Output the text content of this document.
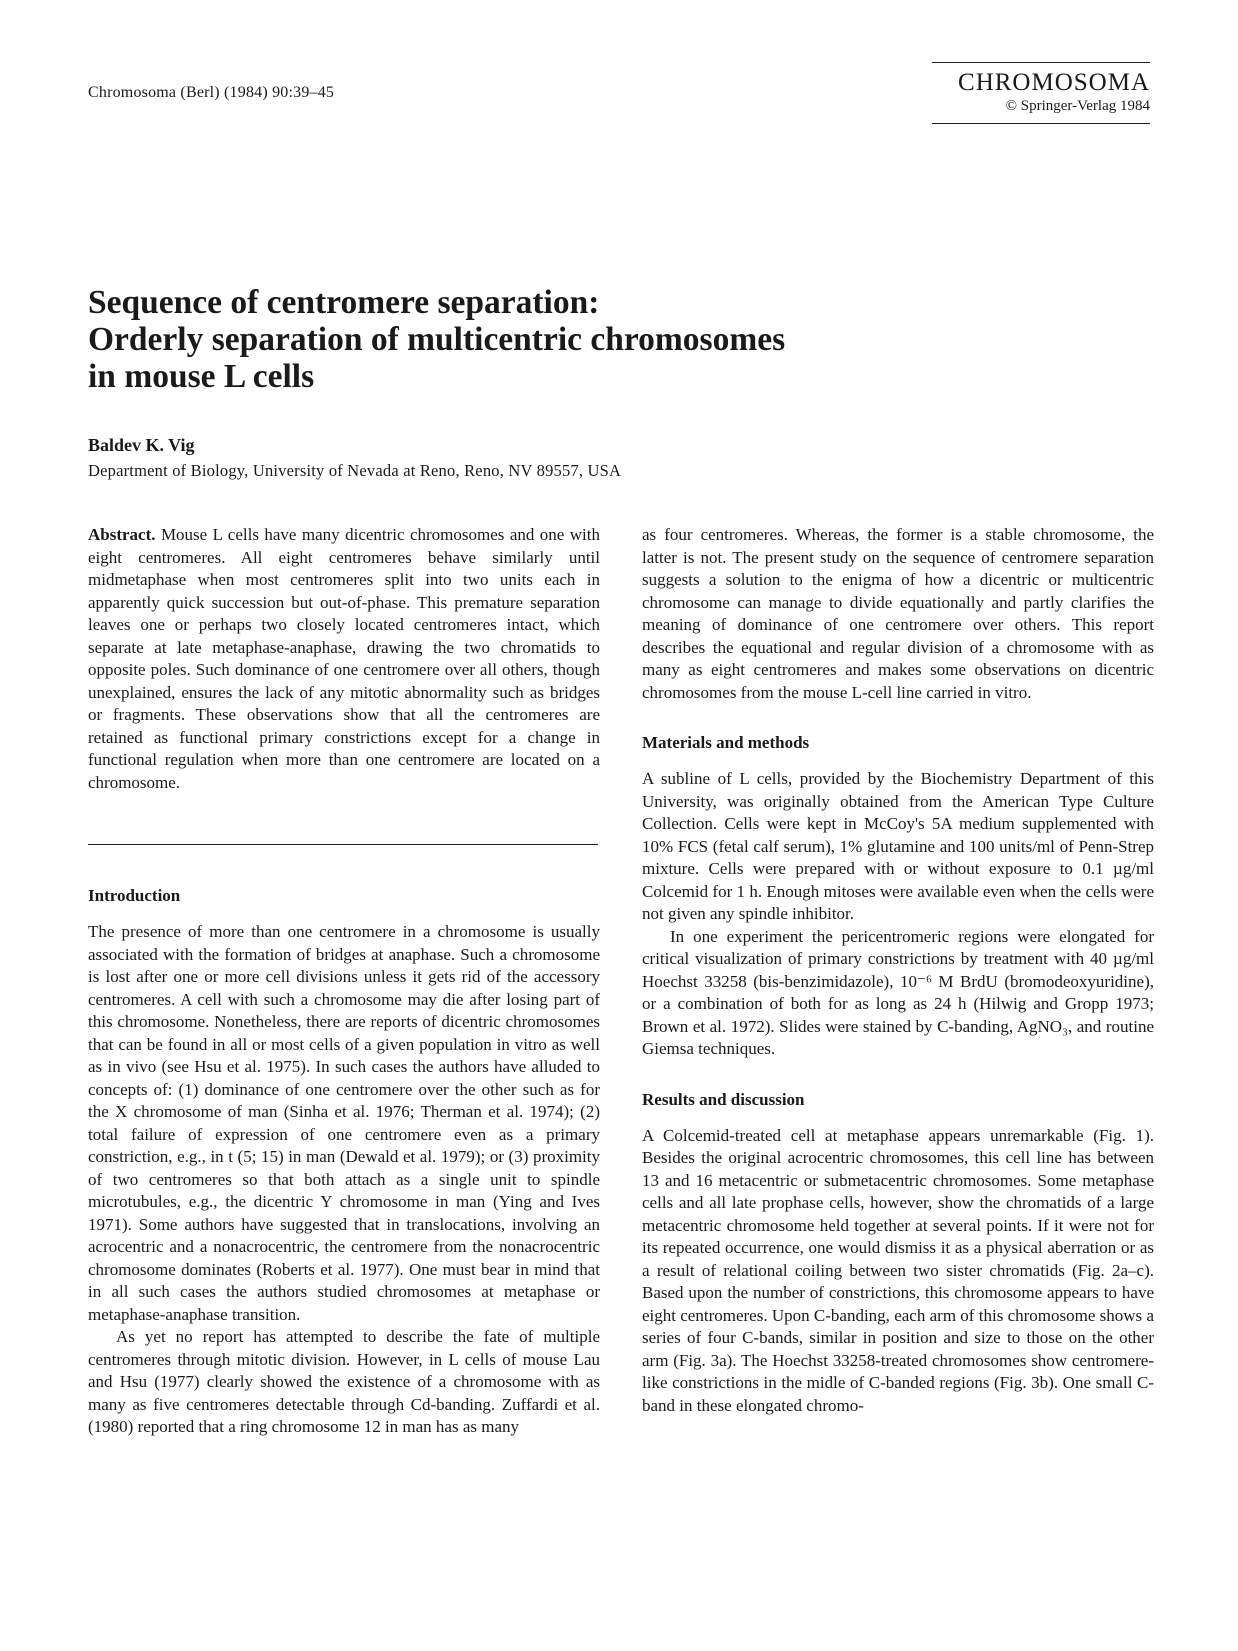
Chromosoma (Berl) (1984) 90:39–45	CHROMOSOMA
© Springer-Verlag 1984
Sequence of centromere separation:
Orderly separation of multicentric chromosomes
in mouse L cells
Baldev K. Vig
Department of Biology, University of Nevada at Reno, Reno, NV 89557, USA

Abstract. Mouse L cells have many dicentric chromosomes and one with eight centromeres. All eight centromeres behave similarly until midmetaphase when most centromeres split into two units each in apparently quick succession but out-of-phase. This premature separation leaves one or perhaps two closely located centromeres intact, which separate at late metaphase-anaphase, drawing the two chromatids to opposite poles. Such dominance of one centromere over all others, though unexplained, ensures the lack of any mitotic abnormality such as bridges or fragments. These observations show that all the centromeres are retained as functional primary constrictions except for a change in functional regulation when more than one centromere are located on a chromosome.

Introduction

The presence of more than one centromere in a chromosome is usually associated with the formation of bridges at anaphase. Such a chromosome is lost after one or more cell divisions unless it gets rid of the accessory centromeres. A cell with such a chromosome may die after losing part of this chromosome. Nonetheless, there are reports of dicentric chromosomes that can be found in all or most cells of a given population in vitro as well as in vivo (see Hsu et al. 1975). In such cases the authors have alluded to concepts of: (1) dominance of one centromere over the other such as for the X chromosome of man (Sinha et al. 1976; Therman et al. 1974); (2) total failure of expression of one centromere even as a primary constriction, e.g., in t (5; 15) in man (Dewald et al. 1979); or (3) proximity of two centromeres so that both attach as a single unit to spindle microtubules, e.g., the dicentric Y chromosome in man (Ying and Ives 1971). Some authors have suggested that in translocations, involving an acrocentric and a nonacrocentric, the centromere from the nonacrocentric chromosome dominates (Roberts et al. 1977). One must bear in mind that in all such cases the authors studied chromosomes at metaphase or metaphase-anaphase transition.

As yet no report has attempted to describe the fate of multiple centromeres through mitotic division. However, in L cells of mouse Lau and Hsu (1977) clearly showed the existence of a chromosome with as many as five centromeres detectable through Cd-banding. Zuffardi et al. (1980) reported that a ring chromosome 12 in man has as many

as four centromeres. Whereas, the former is a stable chromosome, the latter is not. The present study on the sequence of centromere separation suggests a solution to the enigma of how a dicentric or multicentric chromosome can manage to divide equationally and partly clarifies the meaning of dominance of one centromere over others. This report describes the equational and regular division of a chromosome with as many as eight centromeres and makes some observations on dicentric chromosomes from the mouse L-cell line carried in vitro.

Materials and methods

A subline of L cells, provided by the Biochemistry Department of this University, was originally obtained from the American Type Culture Collection. Cells were kept in McCoy's 5A medium supplemented with 10% FCS (fetal calf serum), 1% glutamine and 100 units/ml of Penn-Strep mixture. Cells were prepared with or without exposure to 0.1 µg/ml Colcemid for 1 h. Enough mitoses were available even when the cells were not given any spindle inhibitor.

In one experiment the pericentromeric regions were elongated for critical visualization of primary constrictions by treatment with 40 µg/ml Hoechst 33258 (bis-benzimidazole), 10⁻⁶ M BrdU (bromodeoxyuridine), or a combination of both for as long as 24 h (Hilwig and Gropp 1973; Brown et al. 1972). Slides were stained by C-banding, AgNO₃, and routine Giemsa techniques.

Results and discussion

A Colcemid-treated cell at metaphase appears unremarkable (Fig. 1). Besides the original acrocentric chromosomes, this cell line has between 13 and 16 metacentric or submetacentric chromosomes. Some metaphase cells and all late prophase cells, however, show the chromatids of a large metacentric chromosome held together at several points. If it were not for its repeated occurrence, one would dismiss it as a physical aberration or as a result of relational coiling between two sister chromatids (Fig. 2a–c). Based upon the number of constrictions, this chromosome appears to have eight centromeres. Upon C-banding, each arm of this chromosome shows a series of four C-bands, similar in position and size to those on the other arm (Fig. 3a). The Hoechst 33258-treated chromosomes show centromere-like constrictions in the midle of C-banded regions (Fig. 3b). One small C-band in these elongated chromo-
